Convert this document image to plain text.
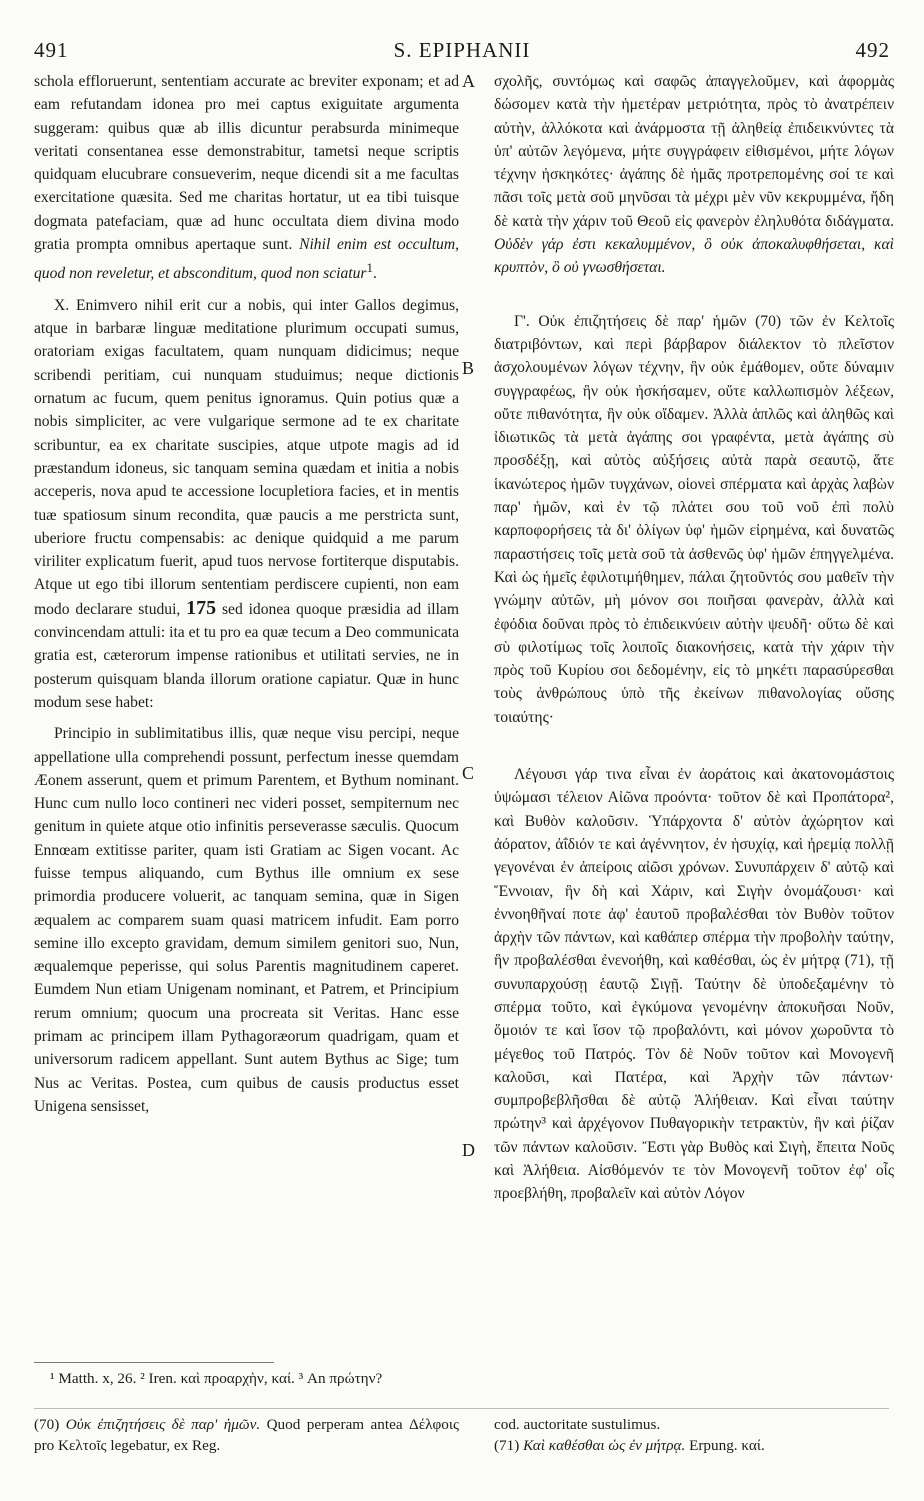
491	S. EPIPHANII	492
A
B
C
D

schola effloruerunt, sententiam accurate ac breviter exponam; et ad eam refutandam idonea pro mei captus exiguitate argumenta suggeram: quibus quæ ab illis dicuntur perabsurda minimeque veritati consentanea esse demonstrabitur, tametsi neque scriptis quidquam elucubrare consueverim, neque dicendi sit a me facultas exercitatione quæsita. Sed me charitas hortatur, ut ea tibi tuisque dogmata patefaciam, quæ ad hunc occultata diem divina modo gratia prompta omnibus apertaque sunt. Nihil enim est occultum, quod non reveletur, et absconditum, quod non sciatur$^1$.

X. Enimvero nihil erit cur a nobis, qui inter Gallos degimus, atque in barbaræ linguæ meditatione plurimum occupati sumus, oratoriam exigas facultatem, quam nunquam didicimus; neque scribendi peritiam, cui nunquam studuimus; neque dictionis ornatum ac fucum, quem penitus ignoramus. Quin potius quæ a nobis simpliciter, ac vere vulgarique sermone ad te ex charitate scribuntur, ea ex charitate suscipies, atque utpote magis ad id præstandum idoneus, sic tanquam semina quædam et initia a nobis acceperis, nova apud te accessione locupletiora facies, et in mentis tuæ spatiosum sinum recondita, quæ paucis a me perstricta sunt, uberiore fructu compensabis: ac denique quidquid a me parum viriliter explicatum fuerit, apud tuos nervose fortiterque disputabis. Atque ut ego tibi illorum sententiam perdiscere cupienti, non eam modo declarare studui, 175 sed idonea quoque præsidia ad illam convincendam attuli: ita et tu pro ea quæ tecum a Deo communicata gratia est, cæterorum impense rationibus et utilitati servies, ne in posterum quisquam blanda illorum oratione capiatur. Quæ in hunc modum sese habet:

Principio in sublimitatibus illis, quæ neque visu percipi, neque appellatione ulla comprehendi possunt, perfectum inesse quemdam Æonem asserunt, quem et primum Parentem, et Bythum nominant. Hunc cum nullo loco contineri nec videri posset, sempiternum nec genitum in quiete atque otio infinitis perseverasse sæculis. Quocum Ennœam extitisse pariter, quam isti Gratiam ac Sigen vocant. Ac fuisse tempus aliquando, cum Bythus ille omnium ex sese primordia producere voluerit, ac tanquam semina, quæ in Sigen æqualem ac comparem suam quasi matricem infudit. Eam porro semine illo excepto gravidam, demum similem genitori suo, Nun, æqualemque peperisse, qui solus Parentis magnitudinem caperet. Eumdem Nun etiam Unigenam nominant, et Patrem, et Principium rerum omnium; quocum una procreata sit Veritas. Hanc esse primam ac principem illam Pythagoræorum quadrigam, quam et universorum radicem appellant. Sunt autem Bythus ac Sige; tum Nus ac Veritas. Postea, cum quibus de causis productus esset Unigena sensisset,

σχολῆς, συντόμως καὶ σαφῶς ἀπαγγελοῦμεν, καὶ ἀφορμὰς δώσομεν κατὰ τὴν ἡμετέραν μετριότητα, πρὸς τὸ ἀνατρέπειν αὐτὴν, ἀλλόκοτα καὶ ἀνάρμοστα τῇ ἀληθείᾳ ἐπιδεικνύντες τὰ ὑπ' αὐτῶν λεγόμενα, μήτε συγγράφειν εἰθισμένοι, μήτε λόγων τέχνην ἠσκηκότες· ἀγάπης δὲ ἡμᾶς προτρεπομένης σοί τε καὶ πᾶσι τοῖς μετὰ σοῦ μηνῦσαι τὰ μέχρι μὲν νῦν κεκρυμμένα, ἤδη δὲ κατὰ τὴν χάριν τοῦ Θεοῦ εἰς φανερὸν ἐληλυθότα διδάγματα. Οὐδὲν γάρ ἐστι κεκαλυμμένον, ὃ οὐκ ἀποκαλυφθήσεται, καὶ κρυπτὸν, ὃ οὐ γνωσθήσεται.

Γ'. Οὐκ ἐπιζητήσεις δὲ παρ' ἡμῶν (70) τῶν ἐν Κελτοῖς διατριβόντων, καὶ περὶ βάρβαρον διάλεκτον τὸ πλεῖστον ἀσχολουμένων λόγων τέχνην, ἣν οὐκ ἐμάθομεν, οὔτε δύναμιν συγγραφέως, ἣν οὐκ ἠσκήσαμεν, οὔτε καλλωπισμὸν λέξεων, οὔτε πιθανότητα, ἣν οὐκ οἴδαμεν. Ἀλλὰ ἁπλῶς καὶ ἀληθῶς καὶ ἰδιωτικῶς τὰ μετὰ ἀγάπης σοι γραφέντα, μετὰ ἀγάπης σὺ προσδέξῃ, καὶ αὐτὸς αὐξήσεις αὐτὰ παρὰ σεαυτῷ, ἅτε ἱκανώτερος ἡμῶν τυγχάνων, οἱονεὶ σπέρματα καὶ ἀρχὰς λαβὼν παρ' ἡμῶν, καὶ ἐν τῷ πλάτει σου τοῦ νοῦ ἐπὶ πολὺ καρποφορήσεις τὰ δι' ὀλίγων ὑφ' ἡμῶν εἰρημένα, καὶ δυνατῶς παραστήσεις τοῖς μετὰ σοῦ τὰ ἀσθενῶς ὑφ' ἡμῶν ἐπηγγελμένα. Καὶ ὡς ἡμεῖς ἐφιλοτιμήθημεν, πάλαι ζητοῦντός σου μαθεῖν τὴν γνώμην αὐτῶν, μὴ μόνον σοι ποιῆσαι φανερὰν, ἀλλὰ καὶ ἐφόδια δοῦναι πρὸς τὸ ἐπιδεικνύειν αὐτὴν ψευδῆ· οὕτω δὲ καὶ σὺ φιλοτίμως τοῖς λοιποῖς διακονήσεις, κατὰ τὴν χάριν τὴν πρὸς τοῦ Κυρίου σοι δεδομένην, εἰς τὸ μηκέτι παρασύρεσθαι τοὺς ἀνθρώπους ὑπὸ τῆς ἐκείνων πιθανολογίας οὔσης τοιαύτης·

Λέγουσι γάρ τινα εἶναι ἐν ἀοράτοις καὶ ἀκατονομάστοις ὑψώμασι τέλειον Αἰῶνα προόντα· τοῦτον δὲ καὶ Προπάτορα², καὶ Βυθὸν καλοῦσιν. Ὑπάρχοντα δ' αὐτὸν ἀχώρητον καὶ ἀόρατον, ἀΐδιόν τε καὶ ἀγέννητον, ἐν ἡσυχίᾳ, καὶ ἠρεμίᾳ πολλῇ γεγονέναι ἐν ἀπείροις αἰῶσι χρόνων. Συνυπάρχειν δ' αὐτῷ καὶ Ἔννοιαν, ἣν δὴ καὶ Χάριν, καὶ Σιγὴν ὀνομάζουσι· καὶ ἐννοηθῆναί ποτε ἀφ' ἑαυτοῦ προβαλέσθαι τὸν Βυθὸν τοῦτον ἀρχὴν τῶν πάντων, καὶ καθάπερ σπέρμα τὴν προβολὴν ταύτην, ἣν προβαλέσθαι ἐνενοήθη, καὶ καθέσθαι, ὡς ἐν μήτρᾳ (71), τῇ συνυπαρχούσῃ ἑαυτῷ Σιγῇ. Ταύτην δὲ ὑποδεξαμένην τὸ σπέρμα τοῦτο, καὶ ἐγκύμονα γενομένην ἀποκυῆσαι Νοῦν, ὅμοιόν τε καὶ ἴσον τῷ προβαλόντι, καὶ μόνον χωροῦντα τὸ μέγεθος τοῦ Πατρός. Τὸν δὲ Νοῦν τοῦτον καὶ Μονογενῆ καλοῦσι, καὶ Πατέρα, καὶ Ἀρχὴν τῶν πάντων· συμπροβεβλῆσθαι δὲ αὐτῷ Ἀλήθειαν. Καὶ εἶναι ταύτην πρώτην³ καὶ ἀρχέγονον Πυθαγορικὴν τετρακτὺν, ἣν καὶ ῥίζαν τῶν πάντων καλοῦσιν. Ἔστι γὰρ Βυθὸς καὶ Σιγὴ, ἔπειτα Νοῦς καὶ Ἀλήθεια. Αἰσθόμενόν τε τὸν Μονογενῆ τοῦτον ἐφ' οἷς προεβλήθη, προβαλεῖν καὶ αὐτὸν Λόγον

¹ Matth. x, 26. ² Iren. καὶ προαρχὴν, καί. ³ An πρώτην?
(70) Οὐκ ἐπιζητήσεις δὲ παρ' ἡμῶν. Quod perperam antea Δέλφοις pro Κελτοῖς legebatur, ex Reg.
cod. auctoritate sustulimus.
(71) Καὶ καθέσθαι ὡς ἐν μήτρᾳ. Erpung. καί.
